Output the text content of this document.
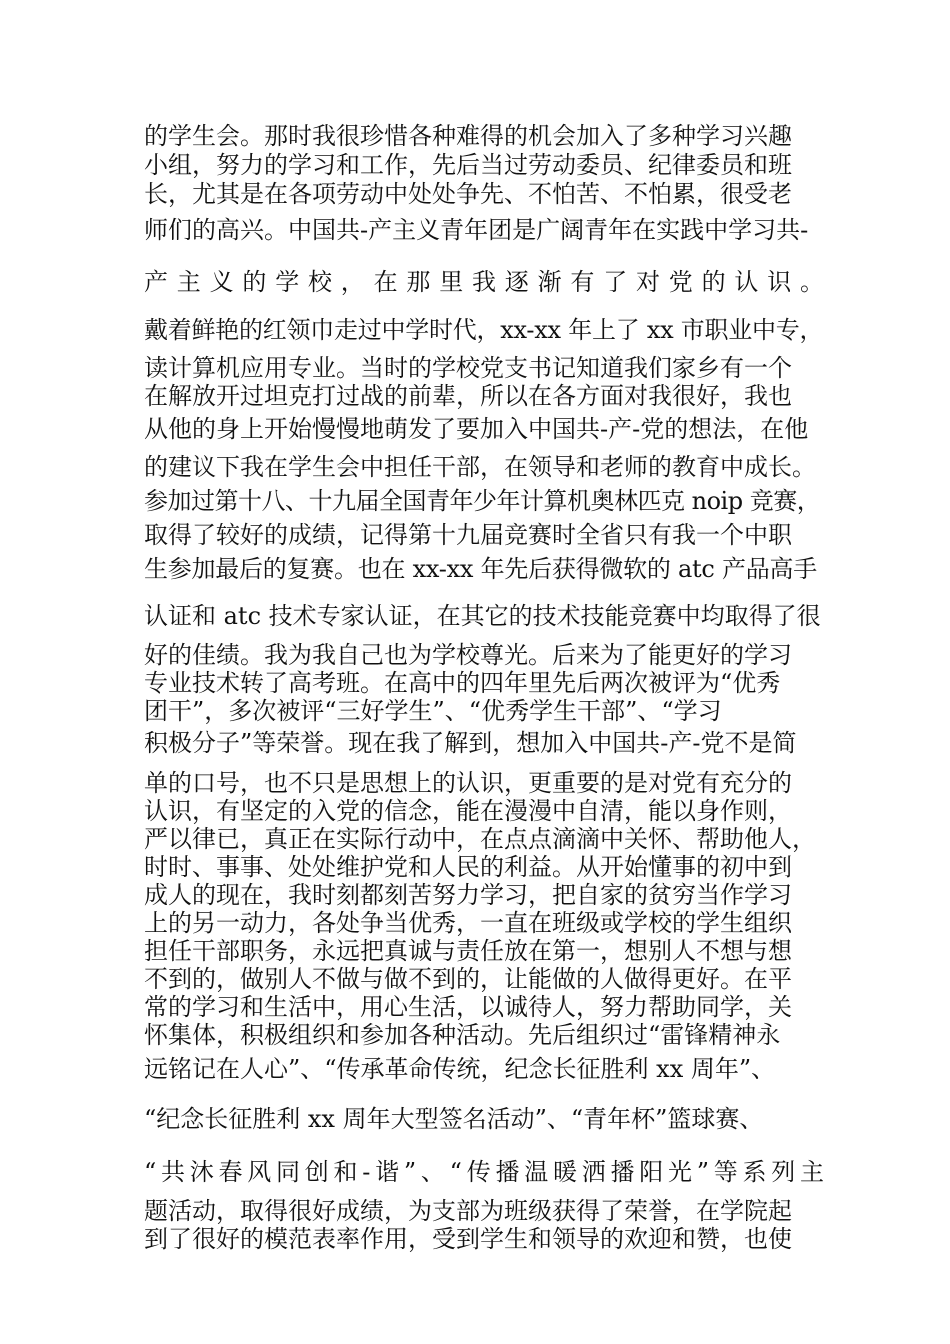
的学生会。那时我很珍惜各种难得的机会加入了多种学习兴趣
小组，努力的学习和工作，先后当过劳动委员、纪律委员和班
长，尤其是在各项劳动中处处争先、不怕苦、不怕累，很受老
师们的高兴。中国共-产主义青年团是广阔青年在实践中学习共-
产主义的学校，在那里我逐渐有了对党的认识。
戴着鲜艳的红领巾走过中学时代，xx-xx 年上了 xx 市职业中专，
读计算机应用专业。当时的学校党支书记知道我们家乡有一个
在解放开过坦克打过战的前辈，所以在各方面对我很好，我也
从他的身上开始慢慢地萌发了要加入中国共-产-党的想法，在他
的建议下我在学生会中担任干部，在领导和老师的教育中成长。
参加过第十八、十九届全国青年少年计算机奥林匹克 noip 竞赛，
取得了较好的成绩，记得第十九届竞赛时全省只有我一个中职
生参加最后的复赛。也在 xx-xx 年先后获得微软的 atc 产品高手
认证和 atc 技术专家认证，在其它的技术技能竞赛中均取得了很
好的佳绩。我为我自己也为学校尊光。后来为了能更好的学习
专业技术转了高考班。在高中的四年里先后两次被评为“优秀
团干”，多次被评“三好学生”、“优秀学生干部”、“学习
积极分子”等荣誉。现在我了解到，想加入中国共-产-党不是简
单的口号，也不只是思想上的认识，更重要的是对党有充分的
认识，有坚定的入党的信念，能在漫漫中自清，能以身作则，
严以律已，真正在实际行动中，在点点滴滴中关怀、帮助他人，
时时、事事、处处维护党和人民的利益。从开始懂事的初中到
成人的现在，我时刻都刻苦努力学习，把自家的贫穷当作学习
上的另一动力，各处争当优秀，一直在班级或学校的学生组织
担任干部职务，永远把真诚与责任放在第一，想别人不想与想
不到的，做别人不做与做不到的，让能做的人做得更好。在平
常的学习和生活中，用心生活，以诚待人，努力帮助同学，关
怀集体，积极组织和参加各种活动。先后组织过“雷锋精神永
远铭记在人心”、“传承革命传统，纪念长征胜利 xx 周年”、
“纪念长征胜利 xx 周年大型签名活动”、“青年杯”篮球赛、
“共沐春风同创和-谐”、“传播温暖洒播阳光”等系列主
题活动，取得很好成绩，为支部为班级获得了荣誉，在学院起
到了很好的模范表率作用，受到学生和领导的欢迎和赞，也使
